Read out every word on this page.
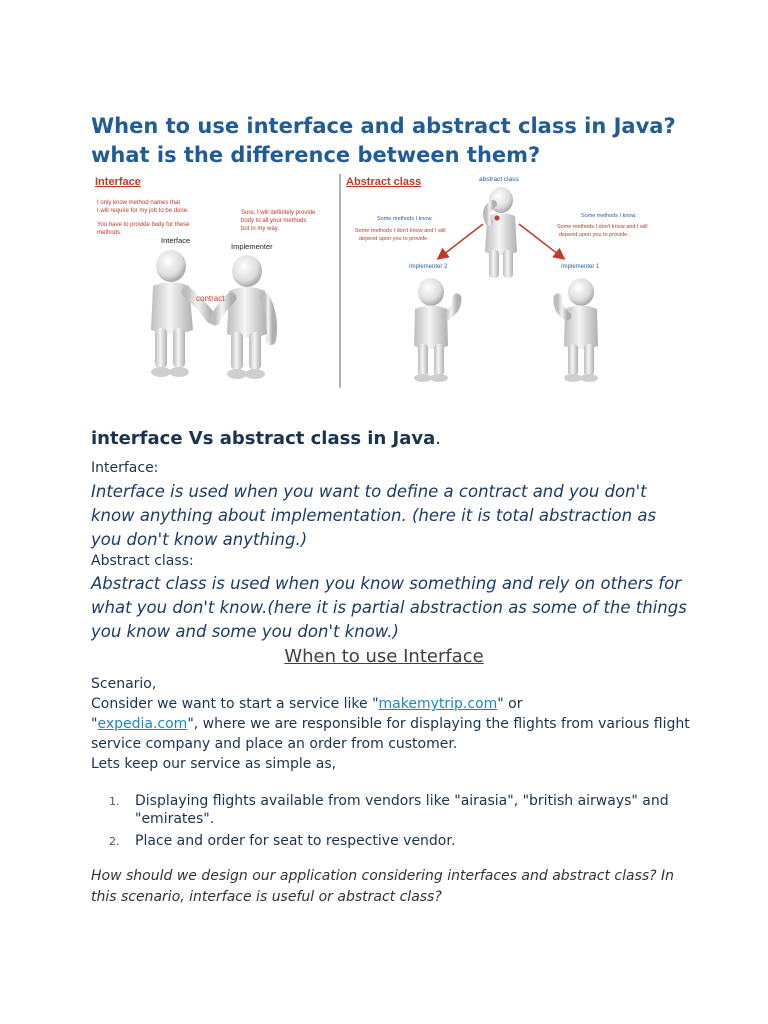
When to use interface and abstract class in Java? what is the difference between them?
Interface
I only know method names that
I will require for my job to be done.
You have to provide body for these
methods.
Sure, I will definitely provide
body to all your methods
but in my way.
Interface
Implementer
contract
Abstract class	abstract class
Some methods I know.
Some methods I don't know and I will
depend upon you to provide.
Some methods I know.
Some methods I don't know and I will
depend upon you to provide.
Implementer 2	Implementer 1
interface Vs abstract class in Java.
Interface:
Interface is used when you want to define a contract and you don't know anything about implementation. (here it is total abstraction as you don't know anything.)
Abstract class:
Abstract class is used when you know something and rely on others for what you don't know.(here it is partial abstraction as some of the things you know and some you don't know.)
When to use Interface
Scenario,
Consider we want to start a service like "makemytrip.com" or
"expedia.com", where we are responsible for displaying the flights from various flight service company and place an order from customer.
Lets keep our service as simple as,
1. Displaying flights available from vendors like "airasia", "british airways" and "emirates".
2. Place and order for seat to respective vendor.
How should we design our application considering interfaces and abstract class? In this scenario, interface is useful or abstract class?
